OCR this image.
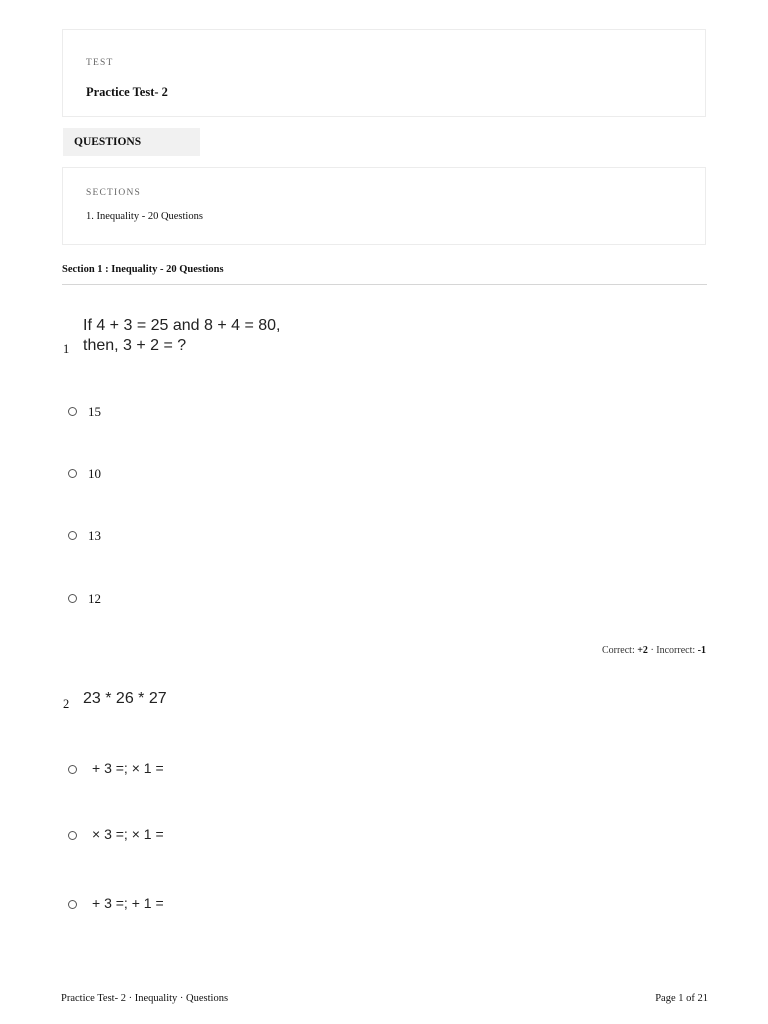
TEST
Practice Test- 2
QUESTIONS
SECTIONS
1. Inequality - 20 Questions
Section 1 : Inequality - 20 Questions
1
If 4 + 3 = 25 and 8 + 4 = 80,
then, 3 + 2 = ?
15
10
13
12
Correct: +2 · Incorrect: -1
2 23 * 26 * 27
+ 3 =; × 1 =
× 3 =; × 1 =
+ 3 =; + 1 =
Practice Test- 2 · Inequality · Questions	Page 1 of 21
